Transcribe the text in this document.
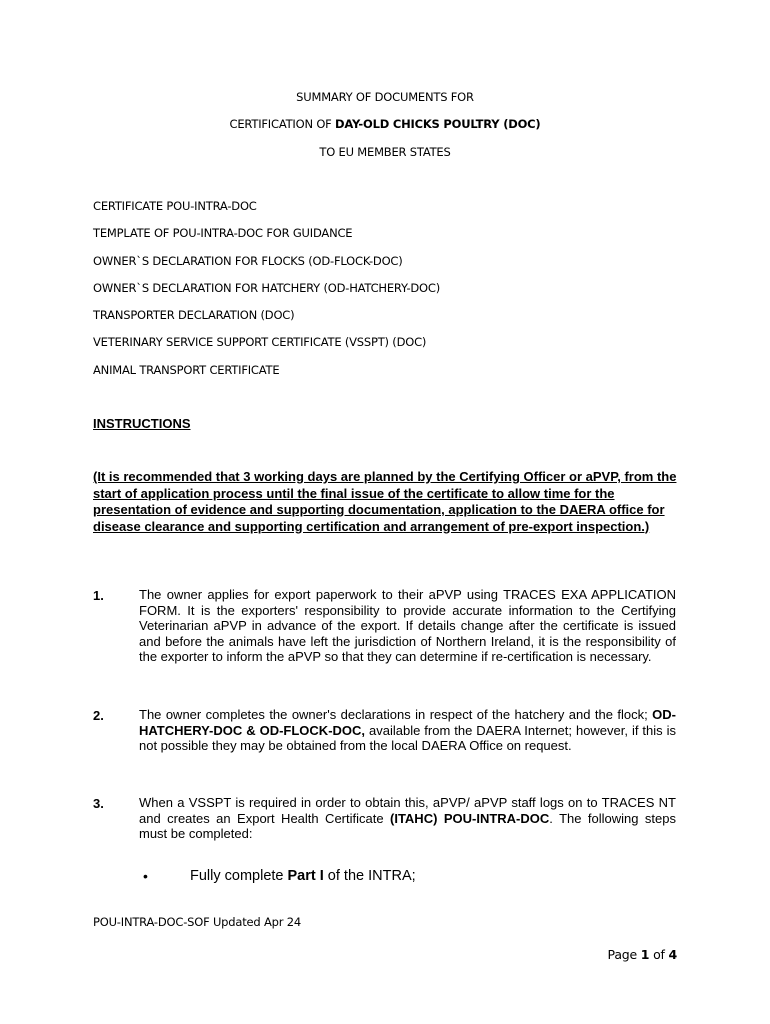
SUMMARY OF DOCUMENTS FOR
CERTIFICATION OF DAY-OLD CHICKS POULTRY (DOC)
TO EU MEMBER STATES
CERTIFICATE POU-INTRA-DOC
TEMPLATE OF POU-INTRA-DOC FOR GUIDANCE
OWNER`S DECLARATION FOR FLOCKS (OD-FLOCK-DOC)
OWNER`S DECLARATION FOR HATCHERY (OD-HATCHERY-DOC)
TRANSPORTER DECLARATION (DOC)
VETERINARY SERVICE SUPPORT CERTIFICATE (VSSPT) (DOC)
ANIMAL TRANSPORT CERTIFICATE
INSTRUCTIONS
(It is recommended that 3 working days are planned by the Certifying Officer or aPVP, from the start of application process until the final issue of the certificate to allow time for the presentation of evidence and supporting documentation, application to the DAERA office for disease clearance and supporting certification and arrangement of pre-export inspection.)
1.	The owner applies for export paperwork to their aPVP using TRACES EXA APPLICATION FORM. It is the exporters' responsibility to provide accurate information to the Certifying Veterinarian aPVP in advance of the export. If details change after the certificate is issued and before the animals have left the jurisdiction of Northern Ireland, it is the responsibility of the exporter to inform the aPVP so that they can determine if re-certification is necessary.
2.	The owner completes the owner's declarations in respect of the hatchery and the flock; OD-HATCHERY-DOC & OD-FLOCK-DOC, available from the DAERA Internet; however, if this is not possible they may be obtained from the local DAERA Office on request.
3.	When a VSSPT is required in order to obtain this, aPVP/ aPVP staff logs on to TRACES NT and creates an Export Health Certificate (ITAHC) POU-INTRA-DOC. The following steps must be completed:
•	Fully complete Part I of the INTRA;
POU-INTRA-DOC-SOF Updated Apr 24
Page 1 of 4
